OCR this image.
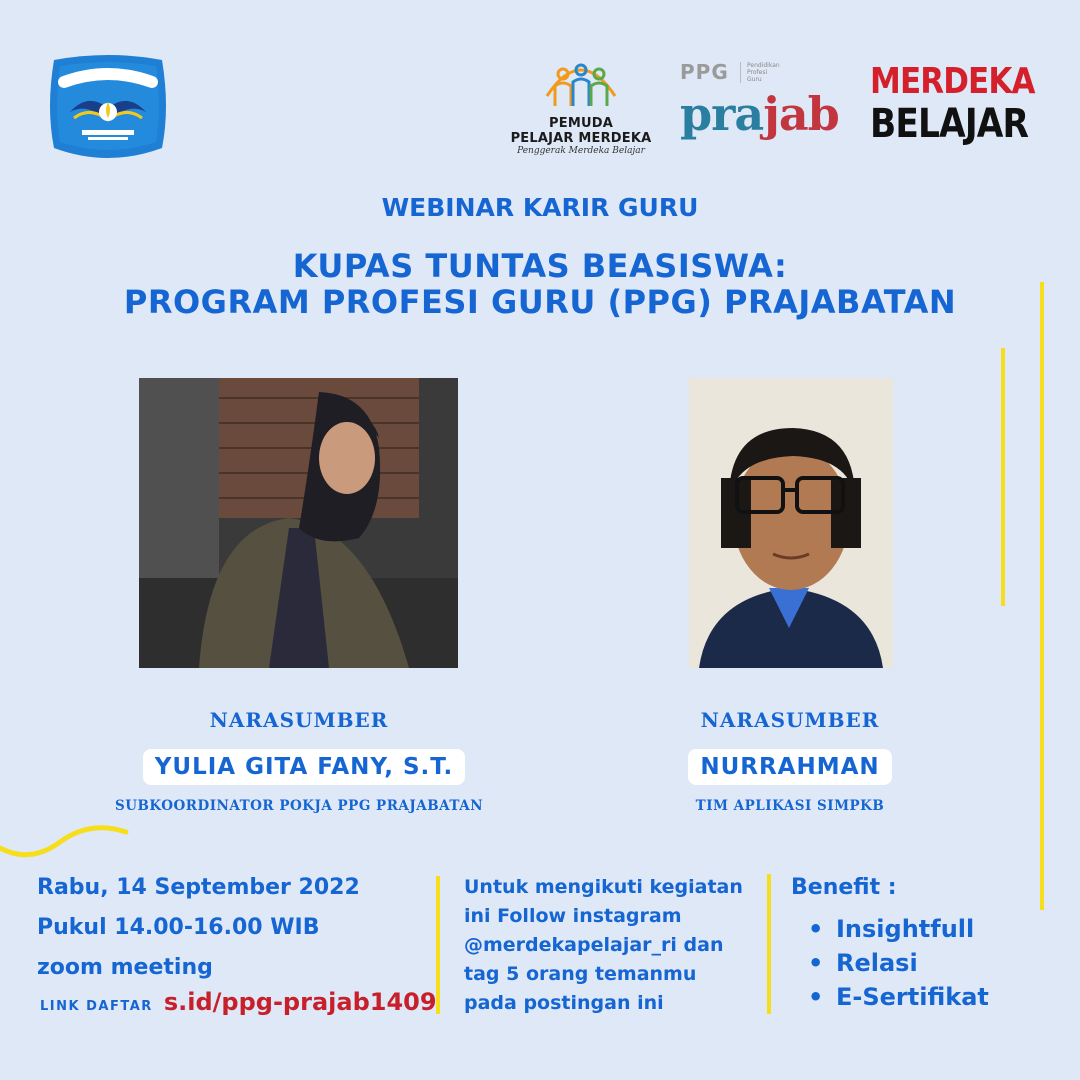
PEMUDA
PELAJAR MERDEKA
Penggerak Merdeka Belajar
PPG	Pendidikan Profesi Guru
prajab
MERDEKA
BELAJAR
WEBINAR KARIR GURU
KUPAS TUNTAS BEASISWA:
PROGRAM PROFESI GURU (PPG) PRAJABATAN
NARASUMBER
YULIA GITA FANY, S.T.
SUBKOORDINATOR POKJA PPG PRAJABATAN
NARASUMBER
NURRAHMAN
TIM APLIKASI SIMPKB
Rabu, 14 September 2022
Pukul 14.00-16.00 WIB
zoom meeting
LINK DAFTAR s.id/ppg-prajab1409
Untuk mengikuti kegiatan
ini Follow instagram
@merdekapelajar_ri dan
tag 5 orang temanmu
pada postingan ini
Benefit :
• Insightfull
• Relasi
• E-Sertifikat
